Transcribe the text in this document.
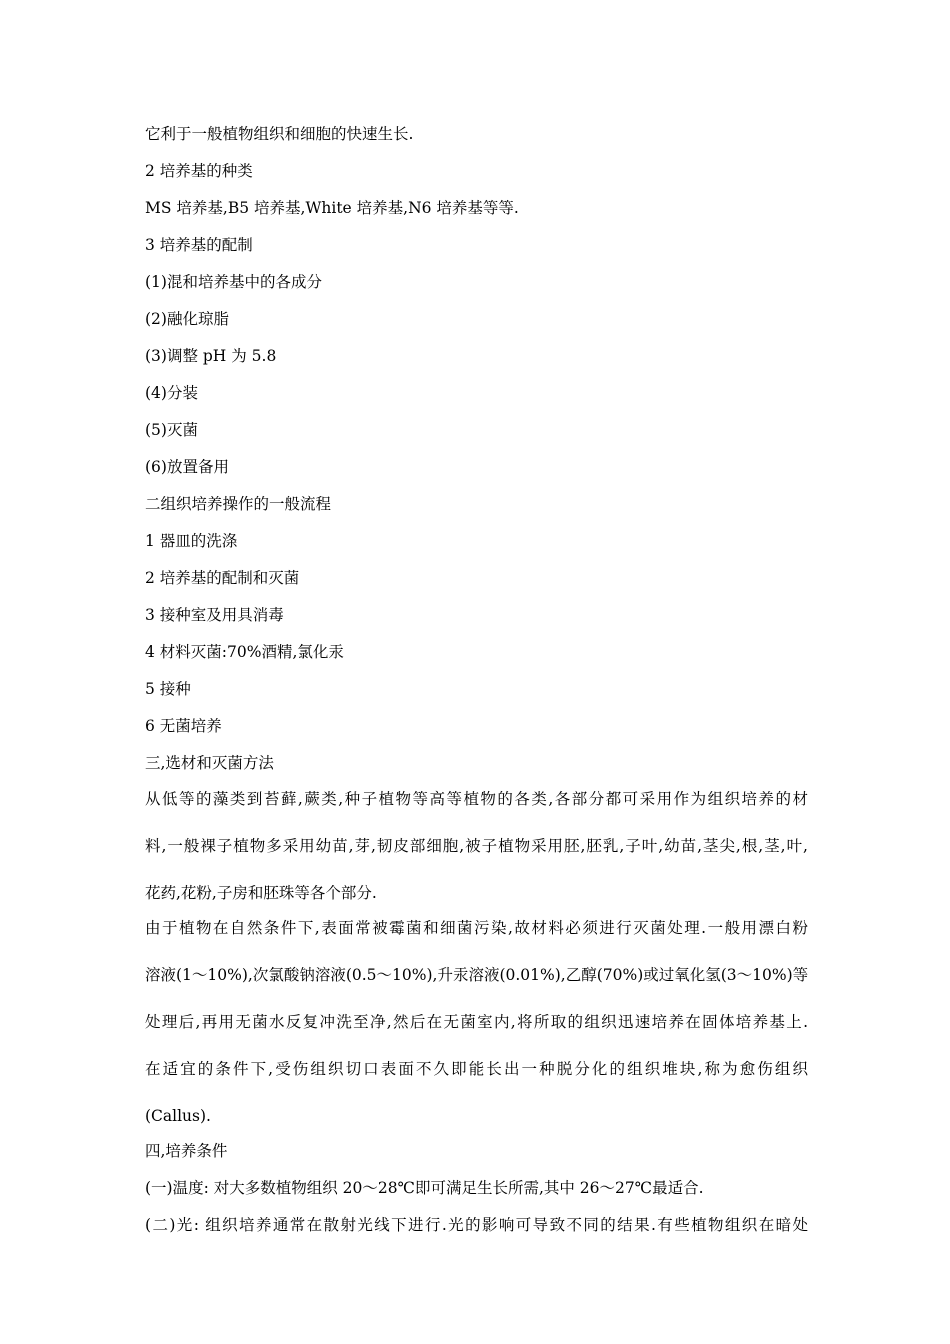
它利于一般植物组织和细胞的快速生长.
2 培养基的种类
MS 培养基,B5 培养基,White 培养基,N6 培养基等等.
3 培养基的配制
(1)混和培养基中的各成分
(2)融化琼脂
(3)调整 pH 为 5.8
(4)分装
(5)灭菌
(6)放置备用
二组织培养操作的一般流程
1 器皿的洗涤
2 培养基的配制和灭菌
3 接种室及用具消毒
4 材料灭菌:70%酒精,氯化汞
5 接种
6 无菌培养
三,选材和灭菌方法
从低等的藻类到苔藓,蕨类,种子植物等高等植物的各类,各部分都可采用作为组织培养的材
料,一般裸子植物多采用幼苗,芽,韧皮部细胞,被子植物采用胚,胚乳,子叶,幼苗,茎尖,根,茎,叶,
花药,花粉,子房和胚珠等各个部分.
由于植物在自然条件下,表面常被霉菌和细菌污染,故材料必须进行灭菌处理.一般用漂白粉
溶液(1～10%),次氯酸钠溶液(0.5～10%),升汞溶液(0.01%),乙醇(70%)或过氧化氢(3～10%)等
处理后,再用无菌水反复冲洗至净,然后在无菌室内,将所取的组织迅速培养在固体培养基上.
在适宜的条件下,受伤组织切口表面不久即能长出一种脱分化的组织堆块,称为愈伤组织
(Callus).
四,培养条件
(一)温度: 对大多数植物组织 20～28℃即可满足生长所需,其中 26～27℃最适合.
(二)光: 组织培养通常在散射光线下进行.光的影响可导致不同的结果.有些植物组织在暗处
